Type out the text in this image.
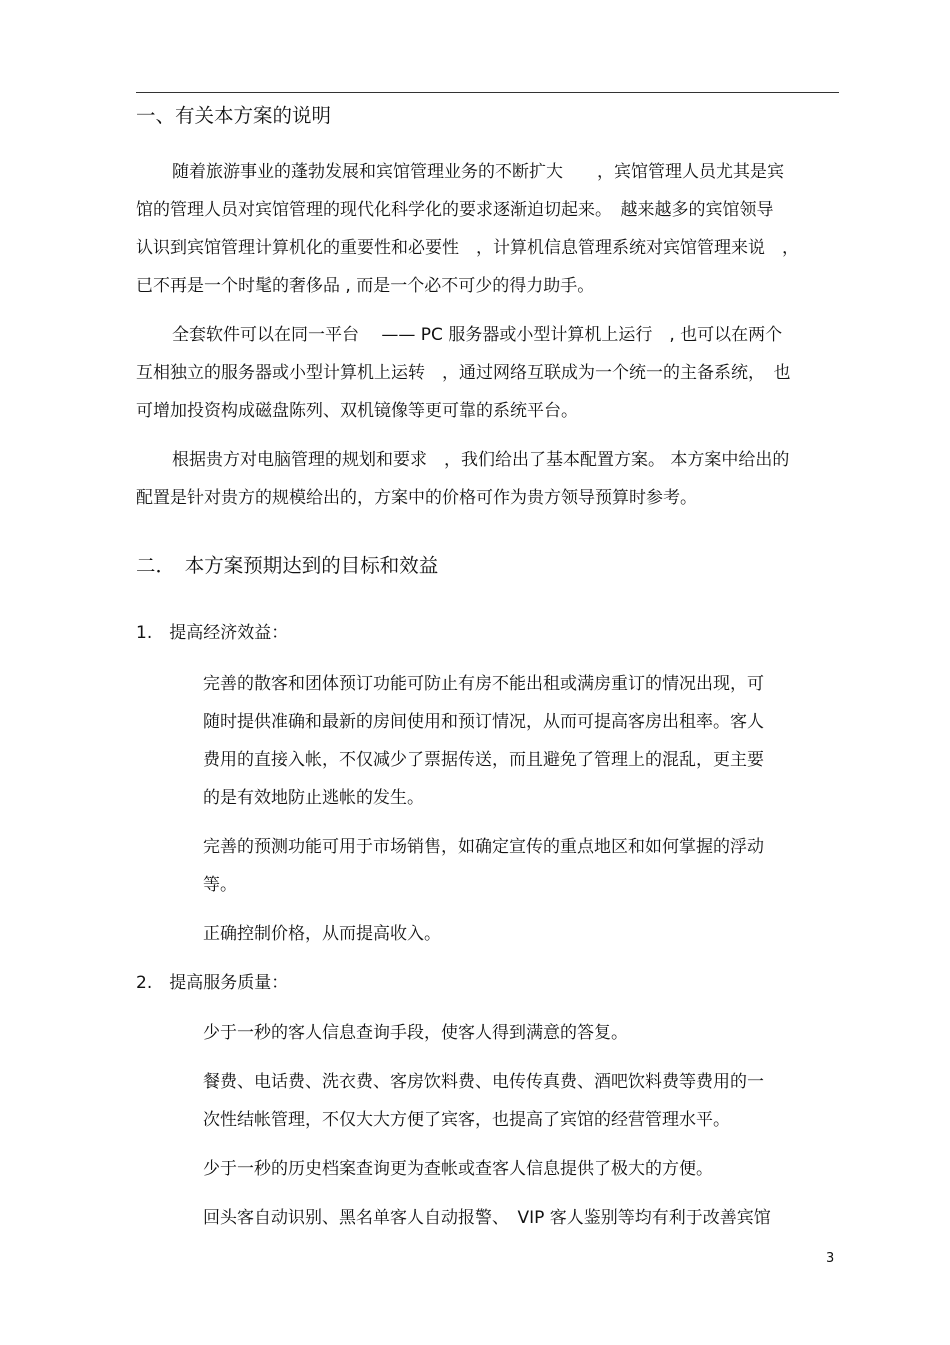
一、有关本方案的说明
随着旅游事业的蓬勃发展和宾馆管理业务的不断扩大　　，宾馆管理人员尤其是宾
馆的管理人员对宾馆管理的现代化科学化的要求逐渐迫切起来。　越来越多的宾馆领导
认识到宾馆管理计算机化的重要性和必要性　，计算机信息管理系统对宾馆管理来说　，
已不再是一个时髦的奢侈品 , 而是一个必不可少的得力助手。
全套软件可以在同一平台　 —— PC 服务器或小型计算机上运行　, 也可以在两个
互相独立的服务器或小型计算机上运转　，通过网络互联成为一个统一的主备系统，　也
可增加投资构成磁盘陈列、双机镜像等更可靠的系统平台。
根据贵方对电脑管理的规划和要求　，我们给出了基本配置方案。 本方案中给出的
配置是针对贵方的规模给出的，方案中的价格可作为贵方领导预算时参考。
二．　本方案预期达到的目标和效益
1.　提高经济效益：
完善的散客和团体预订功能可防止有房不能出租或满房重订的情况出现，可
随时提供准确和最新的房间使用和预订情况，从而可提高客房出租率。客人
费用的直接入帐，不仅减少了票据传送，而且避免了管理上的混乱，更主要
的是有效地防止逃帐的发生。
完善的预测功能可用于市场销售，如确定宣传的重点地区和如何掌握的浮动
等。
正确控制价格，从而提高收入。
2.　提高服务质量：
少于一秒的客人信息查询手段，使客人得到满意的答复。
餐费、电话费、洗衣费、客房饮料费、电传传真费、酒吧饮料费等费用的一
次性结帐管理，不仅大大方便了宾客，也提高了宾馆的经营管理水平。
少于一秒的历史档案查询更为查帐或查客人信息提供了极大的方便。
回头客自动识别、黑名单客人自动报警、　VIP 客人鉴别等均有利于改善宾馆
3
